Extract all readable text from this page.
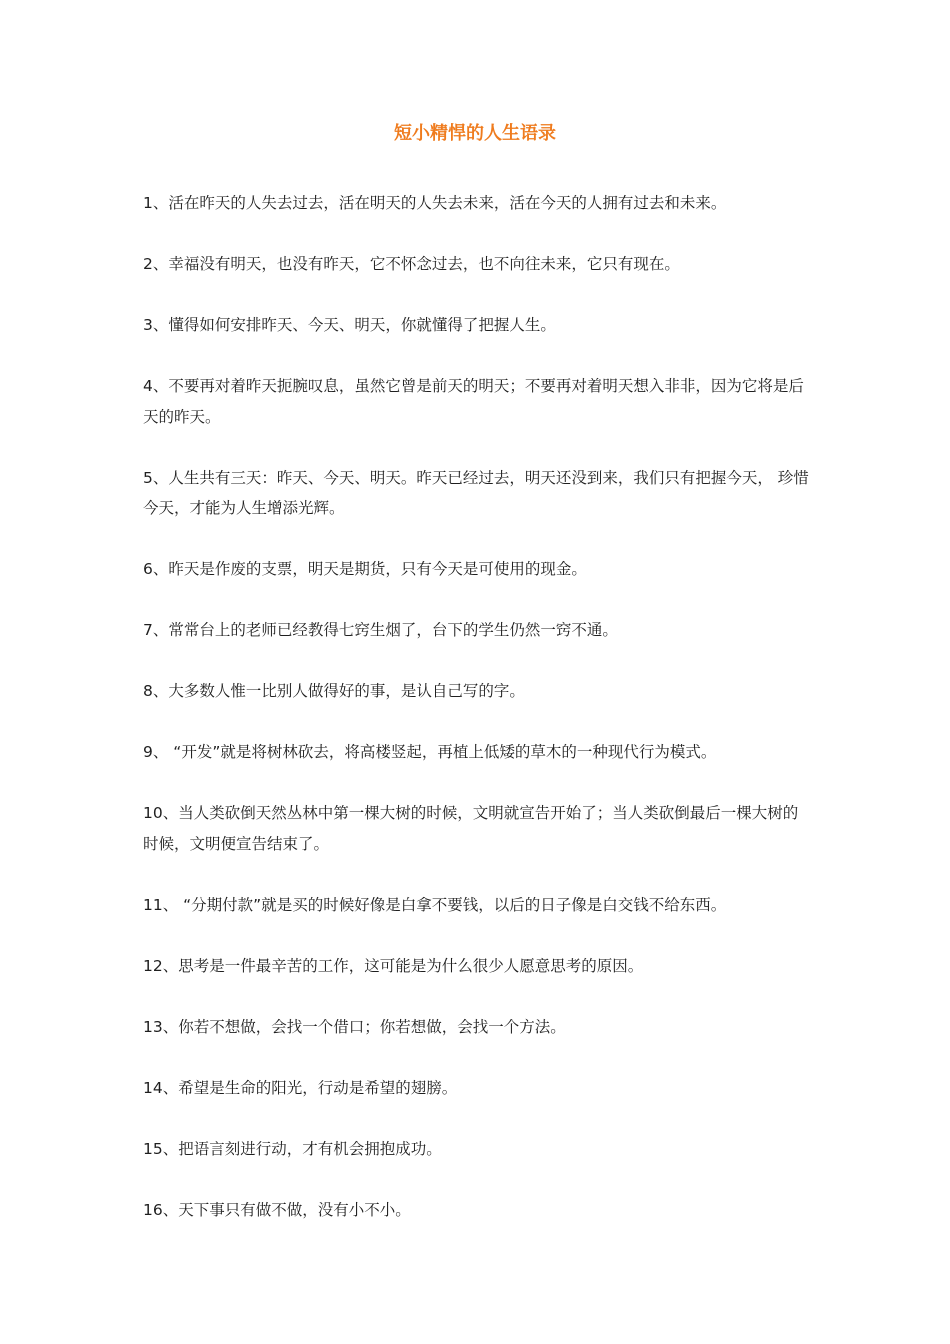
短小精悍的人生语录
1、活在昨天的人失去过去，活在明天的人失去未来，活在今天的人拥有过去和未来。
2、幸福没有明天，也没有昨天，它不怀念过去，也不向往未来，它只有现在。
3、懂得如何安排昨天、今天、明天，你就懂得了把握人生。
4、不要再对着昨天扼腕叹息，虽然它曾是前天的明天；不要再对着明天想入非非，因为它将是后天的昨天。
5、人生共有三天：昨天、今天、明天。昨天已经过去，明天还没到来，我们只有把握今天， 珍惜今天，才能为人生增添光辉。
6、昨天是作废的支票，明天是期货，只有今天是可使用的现金。
7、常常台上的老师已经教得七窍生烟了，台下的学生仍然一窍不通。
8、大多数人惟一比别人做得好的事，是认自己写的字。
9、 “开发”就是将树林砍去，将高楼竖起，再植上低矮的草木的一种现代行为模式。
10、当人类砍倒天然丛林中第一棵大树的时候，文明就宣告开始了；当人类砍倒最后一棵大树的时候，文明便宣告结束了。
11、 “分期付款”就是买的时候好像是白拿不要钱，以后的日子像是白交钱不给东西。
12、思考是一件最辛苦的工作，这可能是为什么很少人愿意思考的原因。
13、你若不想做，会找一个借口；你若想做，会找一个方法。
14、希望是生命的阳光，行动是希望的翅膀。
15、把语言刻进行动，才有机会拥抱成功。
16、天下事只有做不做，没有小不小。
